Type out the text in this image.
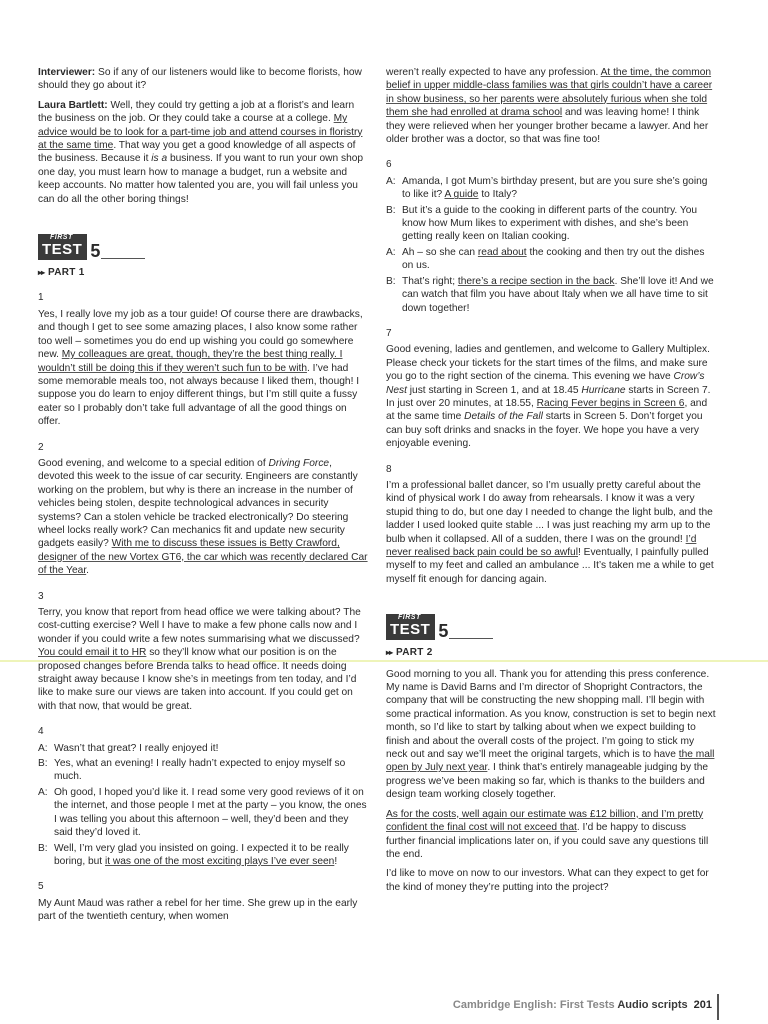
Interviewer: So if any of our listeners would like to become florists, how should they go about it?

Laura Bartlett: Well, they could try getting a job at a florist’s and learn the business on the job. Or they could take a course at a college. My advice would be to look for a part-time job and attend courses in floristry at the same time. That way you get a good knowledge of all aspects of the business. Because it is a business. If you want to run your own shop one day, you must learn how to manage a budget, run a website and keep accounts. No matter how talented you are, you will fail unless you can do all the other boring things!

FIRST
TEST 5
▸▸ PART 1
1

Yes, I really love my job as a tour guide! Of course there are drawbacks, and though I get to see some amazing places, I also know some rather too well – sometimes you do end up wishing you could go somewhere new. My colleagues are great, though, they’re the best thing really. I wouldn’t still be doing this if they weren’t such fun to be with. I’ve had some memorable meals too, not always because I liked them, though! I suppose you do learn to enjoy different things, but I’m still quite a fussy eater so I probably don’t take full advantage of all the good things on offer.

2

Good evening, and welcome to a special edition of Driving Force, devoted this week to the issue of car security. Engineers are constantly working on the problem, but why is there an increase in the number of vehicles being stolen, despite technological advances in security systems? Can a stolen vehicle be tracked electronically? Do steering wheel locks really work? Can mechanics fit and update new security gadgets easily? With me to discuss these issues is Betty Crawford, designer of the new Vortex GT6, the car which was recently declared Car of the Year.

3

Terry, you know that report from head office we were talking about? The cost-cutting exercise? Well I have to make a few phone calls now and I wonder if you could write a few notes summarising what we discussed? You could email it to HR so they’ll know what our position is on the proposed changes before Brenda talks to head office. It needs doing straight away because I know she’s in meetings from ten today, and I’d like to make sure our views are taken into account. If you could get on with that now, that would be great.

4
A: Wasn’t that great? I really enjoyed it!
B: Yes, what an evening! I really hadn’t expected to enjoy myself so much.
A: Oh good, I hoped you’d like it. I read some very good reviews of it on the internet, and those people I met at the party – you know, the ones I was telling you about this afternoon – well, they’d been and they said they’d loved it.
B: Well, I’m very glad you insisted on going. I expected it to be really boring, but it was one of the most exciting plays I’ve ever seen!
5

My Aunt Maud was rather a rebel for her time. She grew up in the early part of the twentieth century, when women

weren’t really expected to have any profession. At the time, the common belief in upper middle-class families was that girls couldn’t have a career in show business, so her parents were absolutely furious when she told them she had enrolled at drama school and was leaving home! I think they were relieved when her younger brother became a lawyer. And her older brother was a doctor, so that was fine too!

6
A: Amanda, I got Mum’s birthday present, but are you sure she’s going to like it? A guide to Italy?
B: But it’s a guide to the cooking in different parts of the country. You know how Mum likes to experiment with dishes, and she’s been getting really keen on Italian cooking.
A: Ah – so she can read about the cooking and then try out the dishes on us.
B: That’s right; there’s a recipe section in the back. She’ll love it! And we can watch that film you have about Italy when we all have time to sit down together!
7

Good evening, ladies and gentlemen, and welcome to Gallery Multiplex. Please check your tickets for the start times of the films, and make sure you go to the right section of the cinema. This evening we have Crow’s Nest just starting in Screen 1, and at 18.45 Hurricane starts in Screen 7. In just over 20 minutes, at 18.55, Racing Fever begins in Screen 6, and at the same time Details of the Fall starts in Screen 5. Don’t forget you can buy soft drinks and snacks in the foyer. We hope you have a very enjoyable evening.

8

I’m a professional ballet dancer, so I’m usually pretty careful about the kind of physical work I do away from rehearsals. I know it was a very stupid thing to do, but one day I needed to change the light bulb, and the ladder I used looked quite stable ... I was just reaching my arm up to the bulb when it collapsed. All of a sudden, there I was on the ground! I’d never realised back pain could be so awful! Eventually, I painfully pulled myself to my feet and called an ambulance ... It’s taken me a while to get myself fit enough for dancing again.

FIRST
TEST 5
▸▸ PART 2

Good morning to you all. Thank you for attending this press conference. My name is David Barns and I’m director of Shopright Contractors, the company that will be constructing the new shopping mall. I’ll begin with some practical information. As you know, construction is set to begin next month, so I’d like to start by talking about when we expect building to finish and about the overall costs of the project. I’m going to stick my neck out and say we’ll meet the original targets, which is to have the mall open by July next year. I think that’s entirely manageable judging by the progress we’ve been making so far, which is thanks to the builders and design team working closely together.

As for the costs, well again our estimate was £12 billion, and I’m pretty confident the final cost will not exceed that. I’d be happy to discuss further financial implications later on, if you could save any questions till the end.

I’d like to move on now to our investors. What can they expect to get for the kind of money they’re putting into the project?

Cambridge English: First Tests Audio scripts 201
